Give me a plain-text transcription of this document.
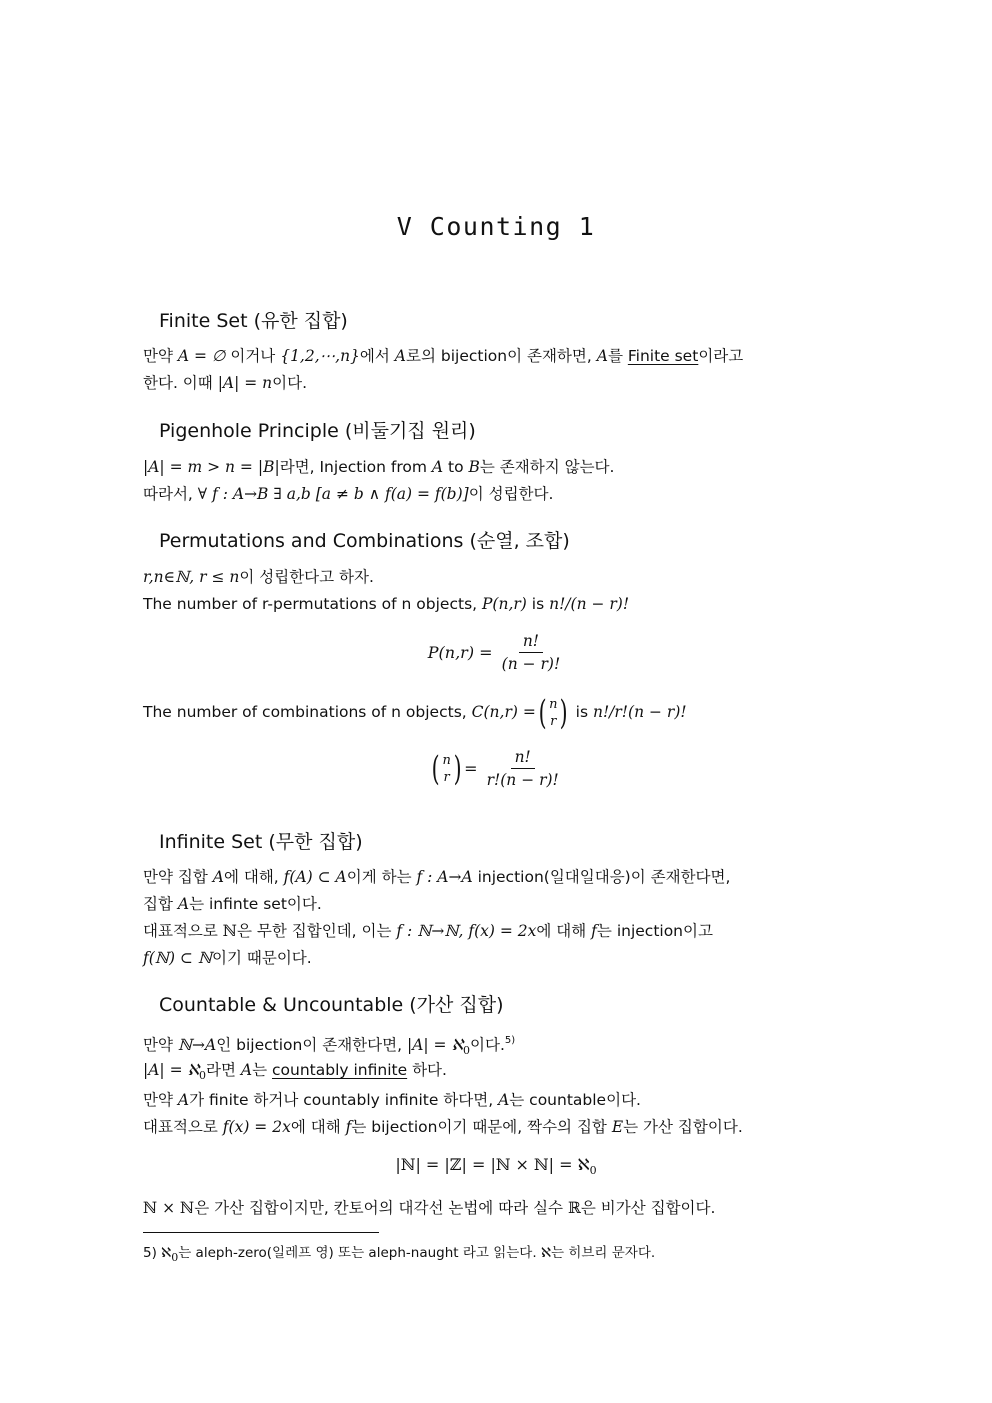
V Counting 1
Finite Set (유한 집합)
만약 A = ∅ 이거나 {1,2,⋯,n}에서 A로의 bijection이 존재하면, A를 Finite set이라고
한다. 이때 |A| = n이다.
Pigenhole Principle (비둘기집 원리)
|A| = m > n = |B|라면, Injection from A to B는 존재하지 않는다.
따라서, ∀ f : A→B ∃ a,b [a ≠ b ∧ f(a) = f(b)]이 성립한다.
Permutations and Combinations (순열, 조합)
r,n∈ℕ, r ≤ n이 성립한다고 하자.
The number of r-permutations of n objects, P(n,r) is n!/(n − r)!
$P(n,r) = \frac{n!}{(n - r)!}$
The number of combinations of n objects, C(n,r) = ( n
r ) is n!/r!(n − r)!
( n
r ) = $\frac{n!}{r!(n - r)!}$
Infinite Set (무한 집합)
만약 집합 A에 대해, f(A) ⊂ A이게 하는 f : A→A injection(일대일대응)이 존재한다면,
집합 A는 infinte set이다.
대표적으로 ℕ은 무한 집합인데, 이는 f : ℕ→ℕ, f(x) = 2x에 대해 f는 injection이고
f(ℕ) ⊂ ℕ이기 때문이다.
Countable & Uncountable (가산 집합)
만약 ℕ→A인 bijection이 존재한다면, |A| = ℵ$_0$이다.$^{5)}$
|A| = ℵ$_0$라면 A는 countably infinite 하다.
만약 A가 finite 하거나 countably infinite 하다면, A는 countable이다.
대표적으로 f(x) = 2x에 대해 f는 bijection이기 때문에, 짝수의 집합 E는 가산 집합이다.
|ℕ| = |ℤ| = |ℕ × ℕ| = ℵ$_0$
ℕ × ℕ은 가산 집합이지만, 칸토어의 대각선 논법에 따라 실수 ℝ은 비가산 집합이다.
5) ℵ$_0$는 aleph-zero(일레프 영) 또는 aleph-naught 라고 읽는다. ℵ는 히브리 문자다.
